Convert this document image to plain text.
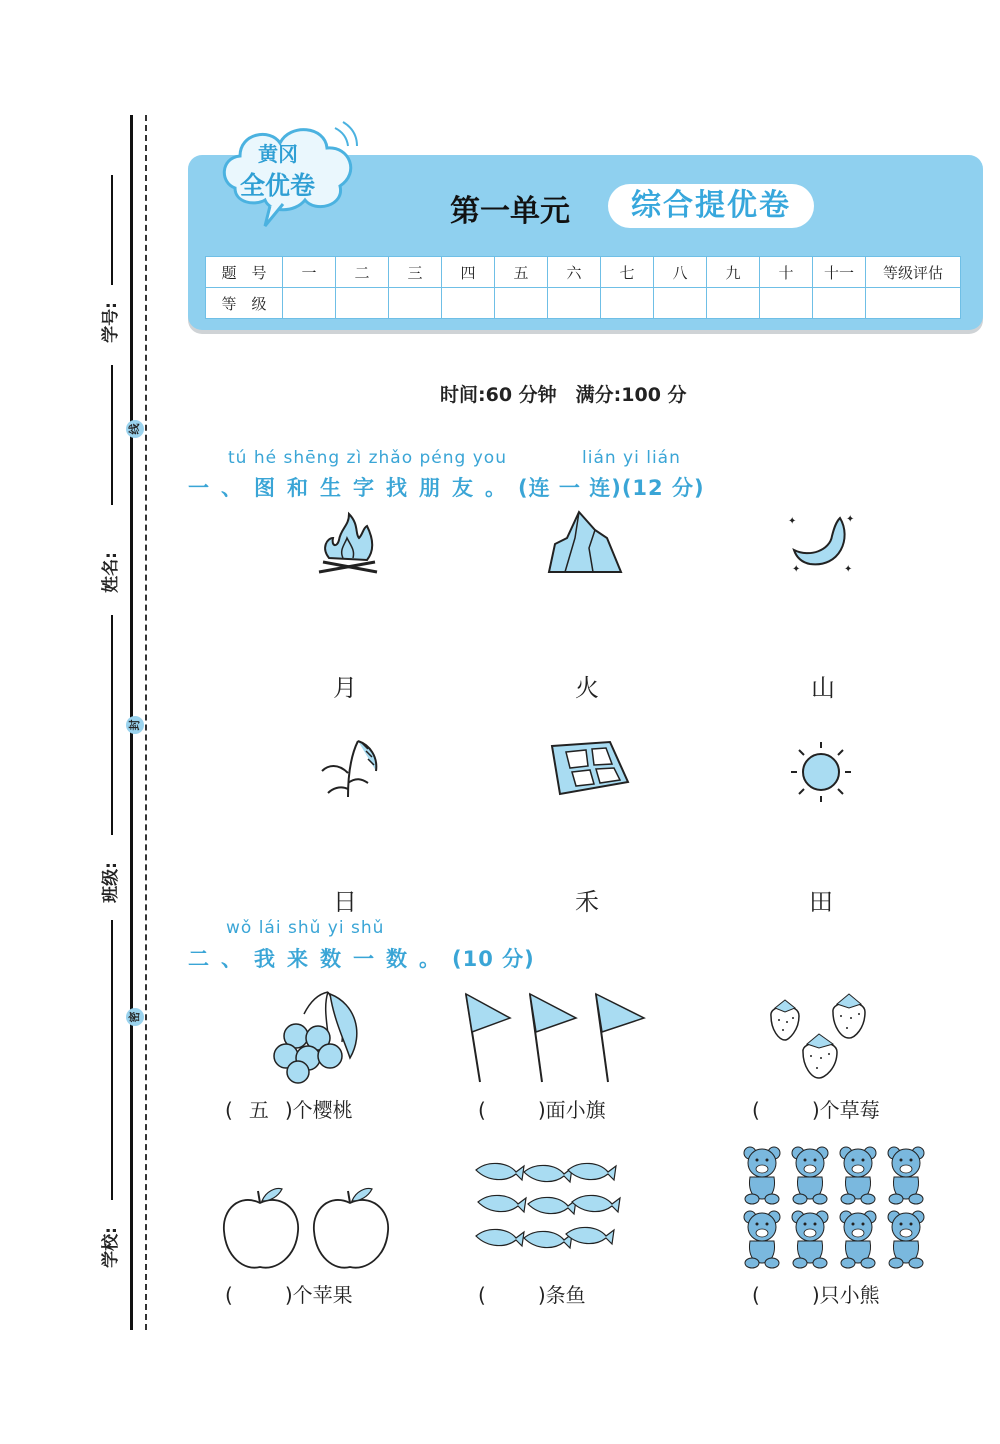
学号:
线
姓名:
封
班级:
密
学校:
黄冈
全优卷
第一单元	综合提优卷
题　号	一	二	三	四	五	六	七	八	九	十	十一	等级评估
等　级												
时间:60 分钟　满分:100 分
tú hé shēng zì zhǎo péng you	lián yi lián
一、图和生字找朋友。(连 一 连)(12 分)
✦	✦
✦	✦
月	火	山
日	禾	田
wǒ lái shǔ yi shǔ
二、我来数一数。(10 分)
( 五 )个樱桃	(	)面小旗	(	)个草莓
(	)个苹果	(	)条鱼	(	)只小熊
